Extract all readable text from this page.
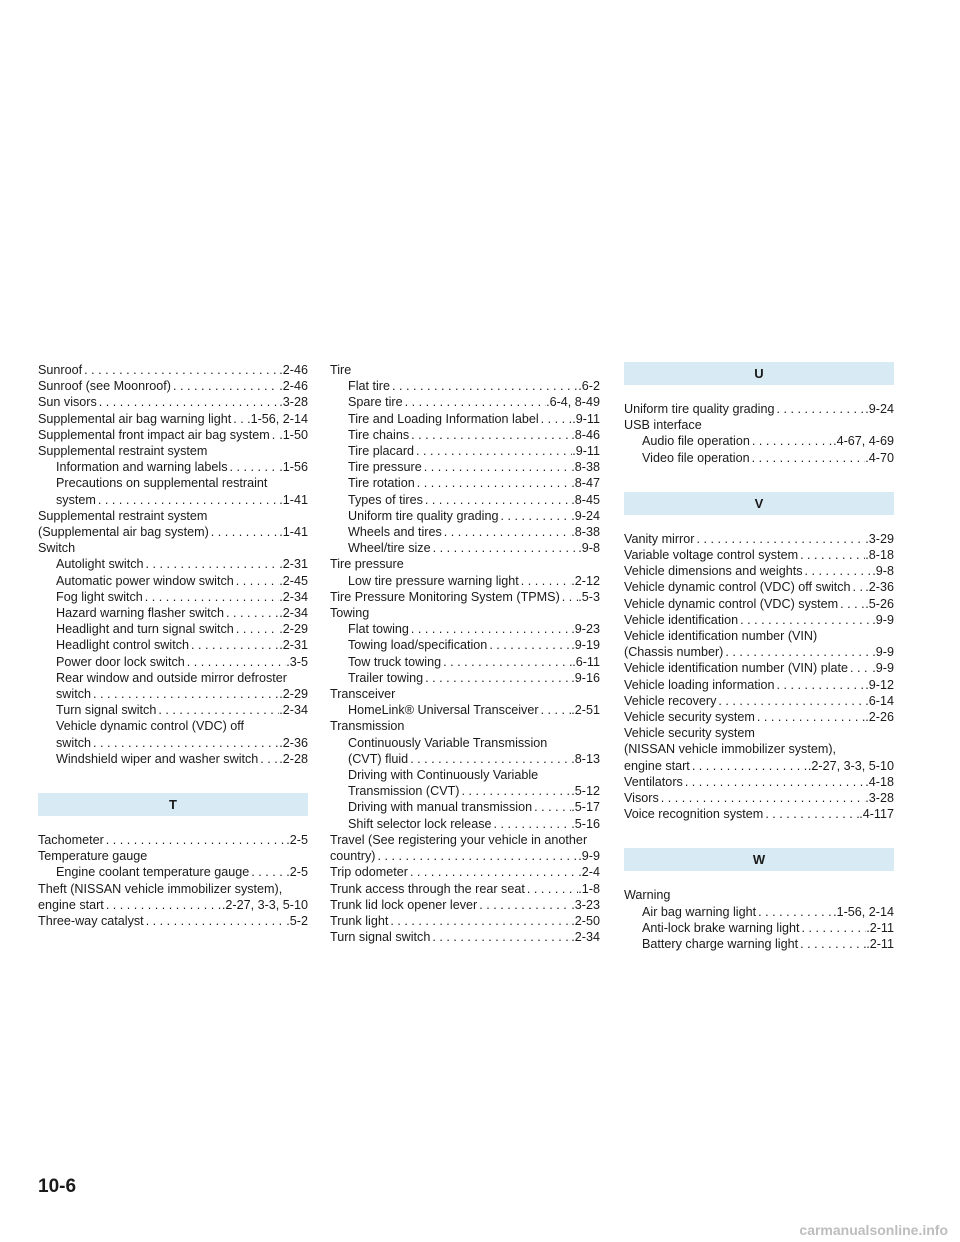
Sunroof . . .	.2-46
Sunroof (see Moonroof) . . .	.2-46
Sun visors . . .	.3-28
Supplemental air bag warning light . . . .1-56, 2-14
Supplemental front impact air bag system . . . .1-50
Supplemental restraint system
Information and warning labels . . .	.1-56
Precautions on supplemental restraint
system . . .	.1-41
Supplemental restraint system
(Supplemental air bag system) . . .	.1-41
Switch
Autolight switch . . .	.2-31
Automatic power window switch . . .	.2-45
Fog light switch . . .	.2-34
Hazard warning flasher switch . . .	.2-34
Headlight and turn signal switch . . .	.2-29
Headlight control switch . . .	.2-31
Power door lock switch . . .	.3-5
Rear window and outside mirror defroster
switch . . .	.2-29
Turn signal switch . . .	.2-34
Vehicle dynamic control (VDC) off
switch . . .	.2-36
Windshield wiper and washer switch . . . .2-28
T
Tachometer . . .	.2-5
Temperature gauge
Engine coolant temperature gauge . . .	.2-5
Theft (NISSAN vehicle immobilizer system),
engine start . . .	.2-27, 3-3, 5-10
Three-way catalyst . . .	.5-2
Tire
Flat tire . . .	.6-2
Spare tire . . .	.6-4, 8-49
Tire and Loading Information label . . .	.9-11
Tire chains . . .	.8-46
Tire placard . . .	.9-11
Tire pressure . . .	.8-38
Tire rotation . . .	.8-47
Types of tires . . .	.8-45
Uniform tire quality grading . . .	.9-24
Wheels and tires . . .	.8-38
Wheel/tire size . . .	.9-8
Tire pressure
Low tire pressure warning light . . .	.2-12
Tire Pressure Monitoring System (TPMS) . . . .5-3
Towing
Flat towing . . .	.9-23
Towing load/specification . . .	.9-19
Tow truck towing . . .	.6-11
Trailer towing . . .	.9-16
Transceiver
HomeLink® Universal Transceiver . . .	.2-51
Transmission
Continuously Variable Transmission
(CVT) fluid . . .	.8-13
Driving with Continuously Variable
Transmission (CVT) . . .	.5-12
Driving with manual transmission . . .	.5-17
Shift selector lock release . . .	.5-16
Travel (See registering your vehicle in another
country) . . .	.9-9
Trip odometer . . .	.2-4
Trunk access through the rear seat . . .	.1-8
Trunk lid lock opener lever . . .	.3-23
Trunk light . . .	.2-50
Turn signal switch . . .	.2-34
U
Uniform tire quality grading . . .	.9-24
USB interface
Audio file operation . . .	.4-67, 4-69
Video file operation . . .	.4-70
V
Vanity mirror . . .	.3-29
Variable voltage control system . . .	.8-18
Vehicle dimensions and weights . . .	.9-8
Vehicle dynamic control (VDC) off switch . . . .2-36
Vehicle dynamic control (VDC) system . . . .5-26
Vehicle identification . . .	.9-9
Vehicle identification number (VIN)
(Chassis number) . . .	.9-9
Vehicle identification number (VIN) plate . . . .9-9
Vehicle loading information . . .	.9-12
Vehicle recovery . . .	.6-14
Vehicle security system . . .	.2-26
Vehicle security system
(NISSAN vehicle immobilizer system),
engine start . . .	.2-27, 3-3, 5-10
Ventilators . . .	.4-18
Visors . . .	.3-28
Voice recognition system . . .	.4-117
W
Warning
Air bag warning light . . .	.1-56, 2-14
Anti-lock brake warning light . . .	.2-11
Battery charge warning light . . .	.2-11
10-6
carmanualsonline.info
